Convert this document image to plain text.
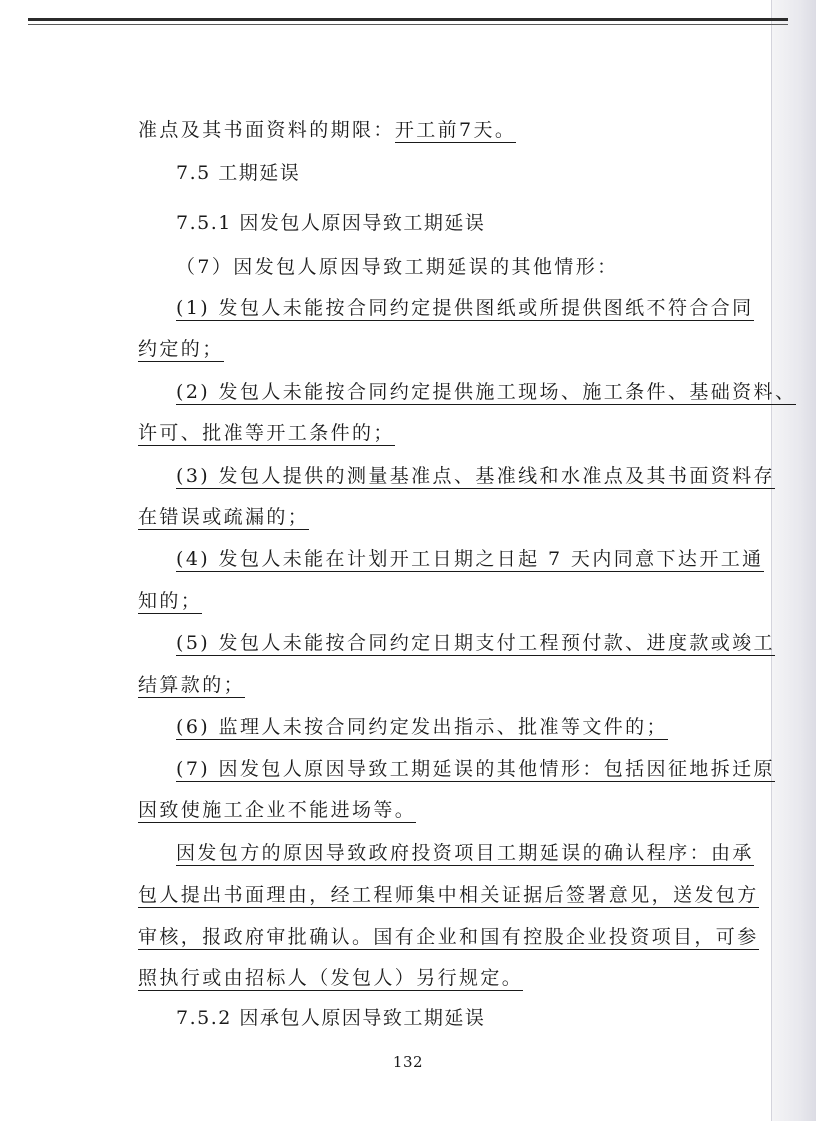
准点及其书面资料的期限：开工前7天。
7.5 工期延误
7.5.1 因发包人原因导致工期延误
（7）因发包人原因导致工期延误的其他情形：
(1) 发包人未能按合同约定提供图纸或所提供图纸不符合合同
约定的；
(2) 发包人未能按合同约定提供施工现场、施工条件、基础资料、
许可、批准等开工条件的；
(3) 发包人提供的测量基准点、基准线和水准点及其书面资料存
在错误或疏漏的；
(4) 发包人未能在计划开工日期之日起 7 天内同意下达开工通
知的；
(5) 发包人未能按合同约定日期支付工程预付款、进度款或竣工
结算款的；
(6) 监理人未按合同约定发出指示、批准等文件的；
(7) 因发包人原因导致工期延误的其他情形：包括因征地拆迁原
因致使施工企业不能进场等。
因发包方的原因导致政府投资项目工期延误的确认程序：由承
包人提出书面理由，经工程师集中相关证据后签署意见，送发包方
审核，报政府审批确认。国有企业和国有控股企业投资项目，可参
照执行或由招标人（发包人）另行规定。
7.5.2 因承包人原因导致工期延误
132
